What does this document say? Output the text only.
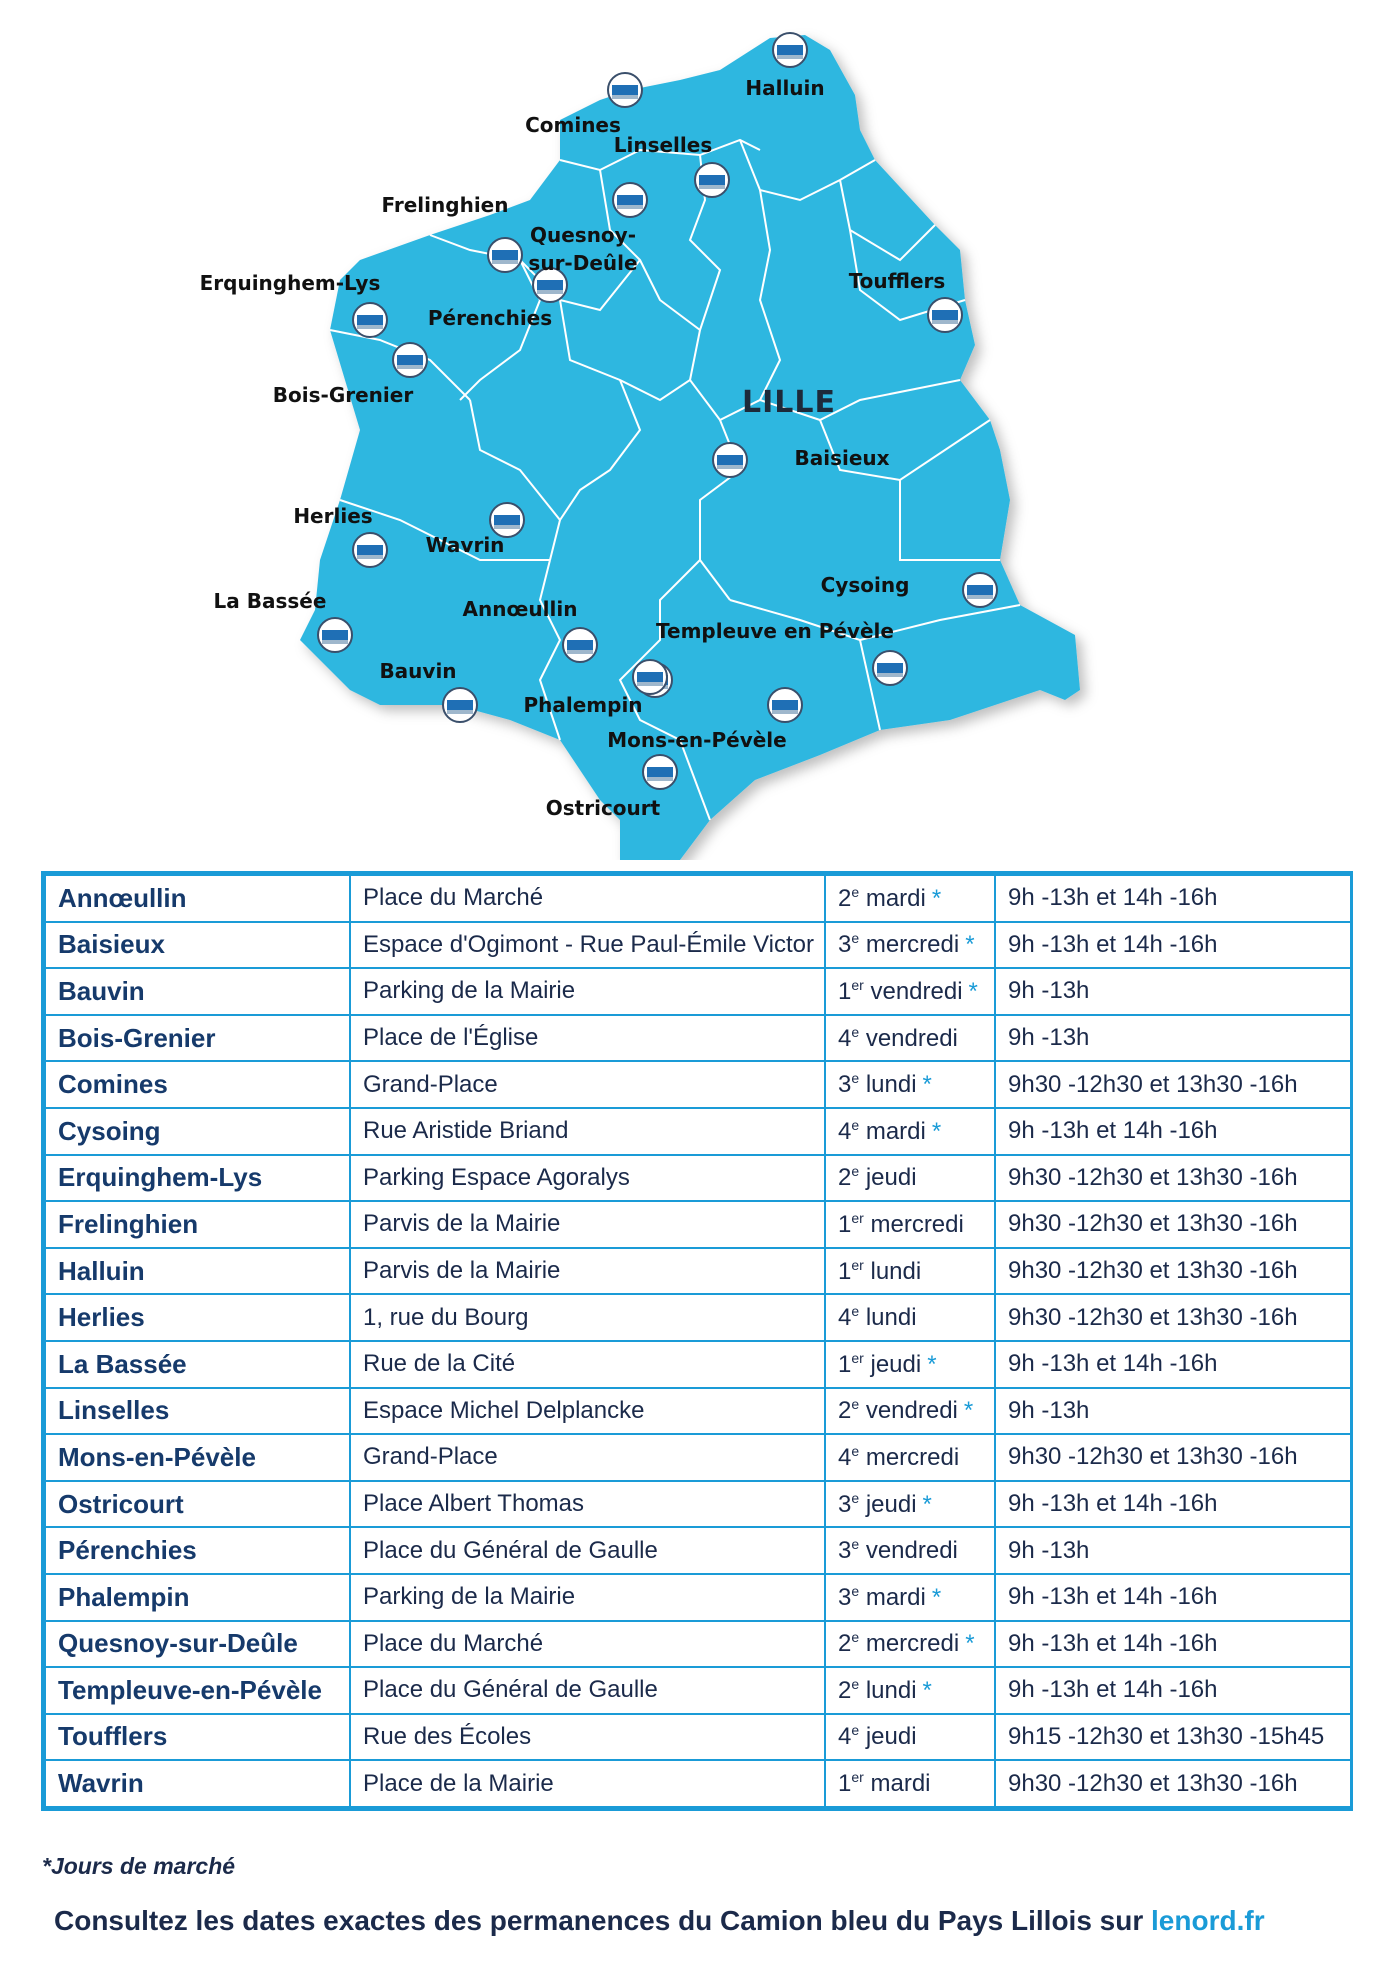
LILLE
Halluin
Comines
Linselles
Frelinghien
Quesnoy-
sur-Deûle
Erquinghem-Lys
Pérenchies
Toufflers
Bois-Grenier
Baisieux
Herlies
Wavrin
La Bassée	Annœullin
Cysoing
Templeuve en Pévèle
Bauvin
Phalempin
Mons-en-Pévèle
Ostricourt
Annœullin	Place du Marché	2e mardi *	9h -13h et 14h -16h
Baisieux	Espace d'Ogimont - Rue Paul-Émile Victor	3e mercredi *	9h -13h et 14h -16h
Bauvin	Parking de la Mairie	1er vendredi *	9h -13h
Bois-Grenier	Place de l'Église	4e vendredi	9h -13h
Comines	Grand-Place	3e lundi *	9h30 -12h30 et 13h30 -16h
Cysoing	Rue Aristide Briand	4e mardi *	9h -13h et 14h -16h
Erquinghem-Lys	Parking Espace Agoralys	2e jeudi	9h30 -12h30 et 13h30 -16h
Frelinghien	Parvis de la Mairie	1er mercredi	9h30 -12h30 et 13h30 -16h
Halluin	Parvis de la Mairie	1er lundi	9h30 -12h30 et 13h30 -16h
Herlies	1, rue du Bourg	4e lundi	9h30 -12h30 et 13h30 -16h
La Bassée	Rue de la Cité	1er jeudi *	9h -13h et 14h -16h
Linselles	Espace Michel Delplancke	2e vendredi *	9h -13h
Mons-en-Pévèle	Grand-Place	4e mercredi	9h30 -12h30 et 13h30 -16h
Ostricourt	Place Albert Thomas	3e jeudi *	9h -13h et 14h -16h
Pérenchies	Place du Général de Gaulle	3e vendredi	9h -13h
Phalempin	Parking de la Mairie	3e mardi *	9h -13h et 14h -16h
Quesnoy-sur-Deûle	Place du Marché	2e mercredi *	9h -13h et 14h -16h
Templeuve-en-Pévèle	Place du Général de Gaulle	2e lundi *	9h -13h et 14h -16h
Toufflers	Rue des Écoles	4e jeudi	9h15 -12h30 et 13h30 -15h45
Wavrin	Place de la Mairie	1er mardi	9h30 -12h30 et 13h30 -16h
*Jours de marché
Consultez les dates exactes des permanences du Camion bleu du Pays Lillois sur lenord.fr
